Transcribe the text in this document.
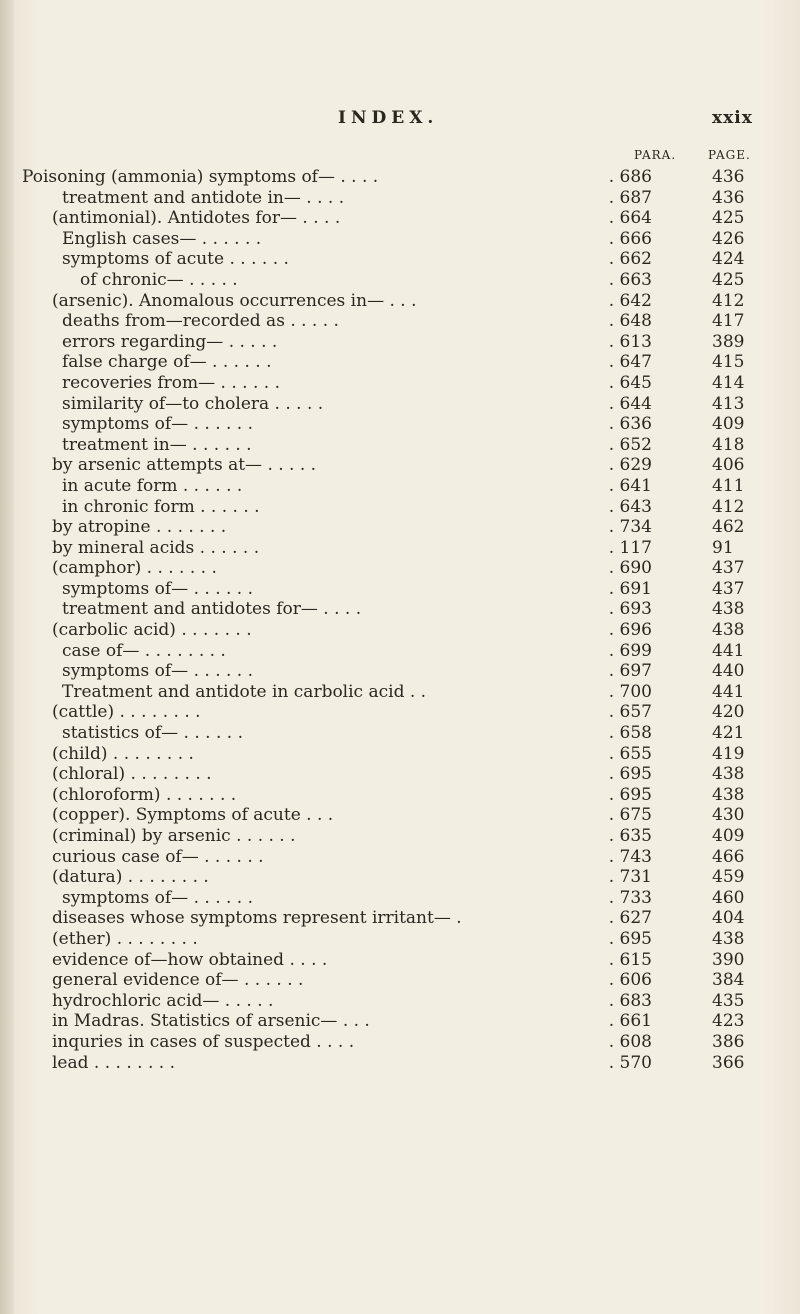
INDEX.	xxix
PARA.	PAGE.
Poisoning (ammonia) symptoms of— . . . .	. 686	436
treatment and antidote in— . . . .	. 687	436
(antimonial). Antidotes for— . . . .	. 664	425
English cases— . . . . . .	. 666	426
symptoms of acute . . . . . .	. 662	424
of chronic— . . . . .	. 663	425
(arsenic). Anomalous occurrences in— . . .	. 642	412
deaths from—recorded as . . . . .	. 648	417
errors regarding— . . . . .	. 613	389
false charge of— . . . . . .	. 647	415
recoveries from— . . . . . .	. 645	414
similarity of—to cholera . . . . .	. 644	413
symptoms of— . . . . . .	. 636	409
treatment in— . . . . . .	. 652	418
by arsenic attempts at— . . . . .	. 629	406
in acute form . . . . . .	. 641	411
in chronic form . . . . . .	. 643	412
by atropine . . . . . . .	. 734	462
by mineral acids . . . . . .	. 117	91
(camphor) . . . . . . .	. 690	437
symptoms of— . . . . . .	. 691	437
treatment and antidotes for— . . . .	. 693	438
(carbolic acid) . . . . . . .	. 696	438
case of— . . . . . . . .	. 699	441
symptoms of— . . . . . .	. 697	440
Treatment and antidote in carbolic acid . .	. 700	441
(cattle) . . . . . . . .	. 657	420
statistics of— . . . . . .	. 658	421
(child) . . . . . . . .	. 655	419
(chloral) . . . . . . . .	. 695	438
(chloroform) . . . . . . .	. 695	438
(copper). Symptoms of acute . . .	. 675	430
(criminal) by arsenic . . . . . .	. 635	409
curious case of— . . . . . .	. 743	466
(datura) . . . . . . . .	. 731	459
symptoms of— . . . . . .	. 733	460
diseases whose symptoms represent irritant— .	. 627	404
(ether) . . . . . . . .	. 695	438
evidence of—how obtained . . . .	. 615	390
general evidence of— . . . . . .	. 606	384
hydrochloric acid— . . . . .	. 683	435
in Madras. Statistics of arsenic— . . .	. 661	423
inquries in cases of suspected . . . .	. 608	386
lead . . . . . . . .	. 570	366
